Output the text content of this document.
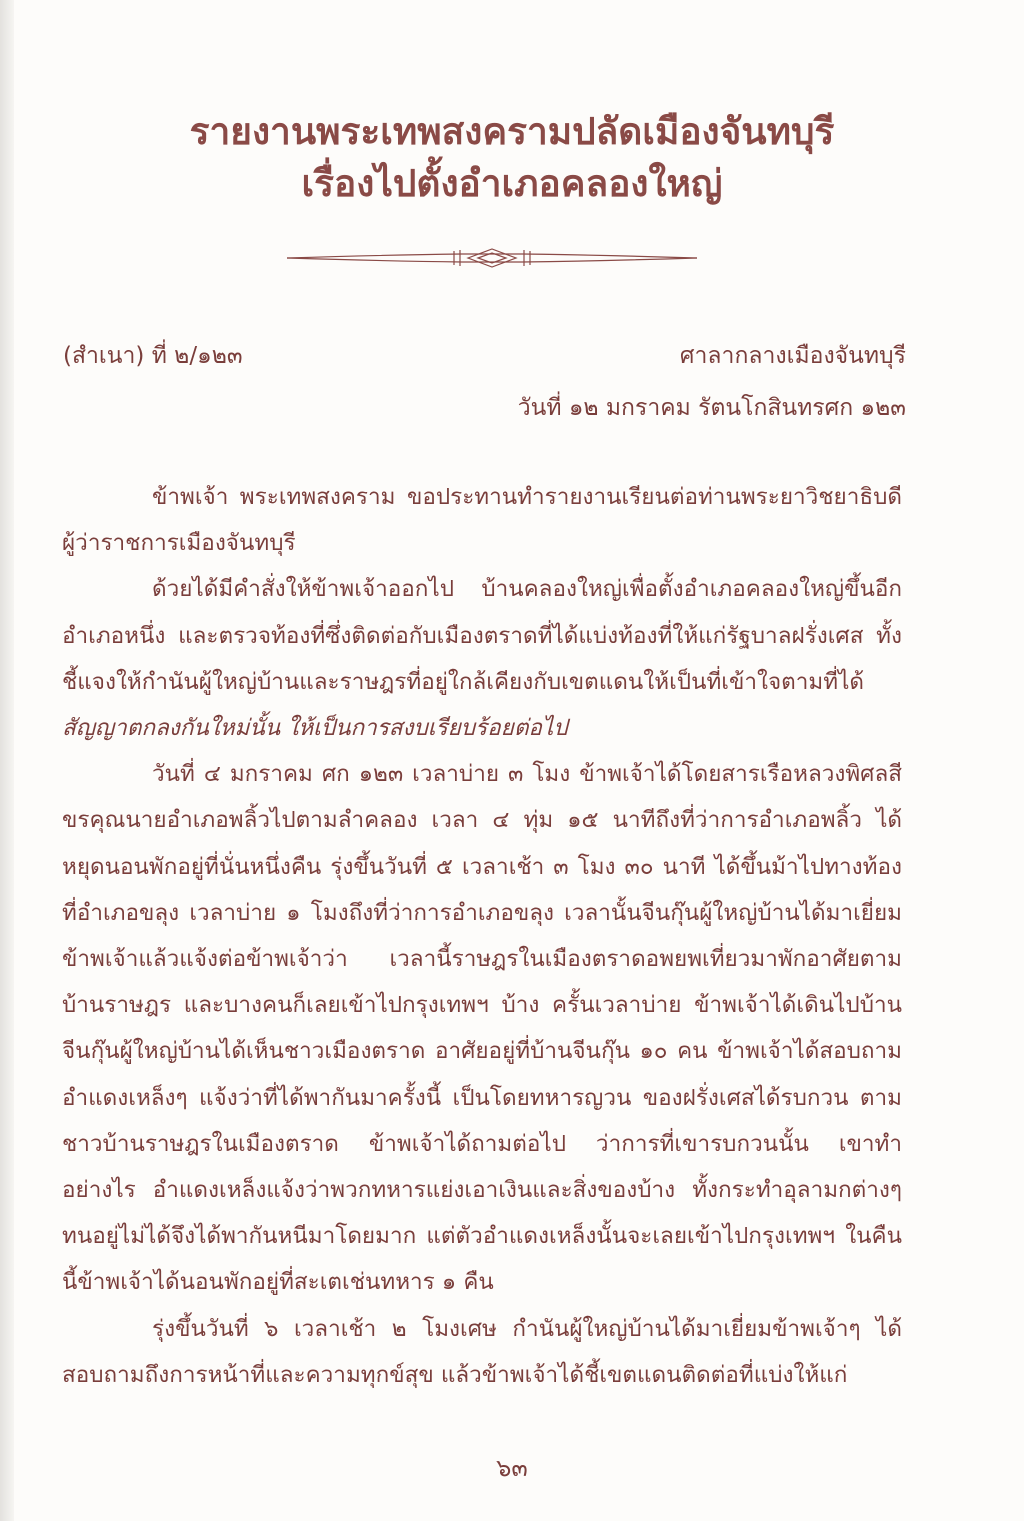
รายงานพระเทพสงครามปลัดเมืองจันทบุรี
เรื่องไปตั้งอำเภอคลองใหญ่
(สำเนา) ที่ ๒/๑๒๓	ศาลากลางเมืองจันทบุรี
วันที่ ๑๒ มกราคม รัตนโกสินทรศก ๑๒๓

ข้าพเจ้า พระเทพสงคราม ขอประทานทำรายงานเรียนต่อท่านพระยาวิชยาธิบดี ผู้ว่าราชการเมืองจันทบุรี

ด้วยได้มีคำสั่งให้ข้าพเจ้าออกไป บ้านคลองใหญ่เพื่อตั้งอำเภอคลองใหญ่ขึ้นอีกอำเภอหนึ่ง และตรวจท้องที่ซึ่งติดต่อกับเมืองตราดที่ได้แบ่งท้องที่ให้แก่รัฐบาลฝรั่งเศส ทั้งชี้แจงให้กำนันผู้ใหญ่บ้านและราษฎรที่อยู่ใกล้เคียงกับเขตแดนให้เป็นที่เข้าใจตามที่ได้สัญญาตกลงกันใหม่นั้น ให้เป็นการสงบเรียบร้อยต่อไป

วันที่ ๔ มกราคม ศก ๑๒๓ เวลาบ่าย ๓ โมง ข้าพเจ้าได้โดยสารเรือหลวงพิศลสีขรคุณนายอำเภอพลิ้วไปตามลำคลอง เวลา ๔ ทุ่ม ๑๕ นาทีถึงที่ว่าการอำเภอพลิ้ว ได้หยุดนอนพักอยู่ที่นั่นหนึ่งคืน รุ่งขึ้นวันที่ ๕ เวลาเช้า ๓ โมง ๓๐ นาที ได้ขึ้นม้าไปทางท้องที่อำเภอขลุง เวลาบ่าย ๑ โมงถึงที่ว่าการอำเภอขลุง เวลานั้นจีนกุ๊นผู้ใหญ่บ้านได้มาเยี่ยมข้าพเจ้าแล้วแจ้งต่อข้าพเจ้าว่า เวลานี้ราษฎรในเมืองตราดอพยพเที่ยวมาพักอาศัยตามบ้านราษฎร และบางคนก็เลยเข้าไปกรุงเทพฯ บ้าง ครั้นเวลาบ่าย ข้าพเจ้าได้เดินไปบ้านจีนกุ๊นผู้ใหญ่บ้านได้เห็นชาวเมืองตราด อาศัยอยู่ที่บ้านจีนกุ๊น ๑๐ คน ข้าพเจ้าได้สอบถามอำแดงเหล็งๆ แจ้งว่าที่ได้พากันมาครั้งนี้ เป็นโดยทหารญวน ของฝรั่งเศสได้รบกวน ตามชาวบ้านราษฎรในเมืองตราด ข้าพเจ้าได้ถามต่อไป ว่าการที่เขารบกวนนั้น เขาทำอย่างไร อำแดงเหล็งแจ้งว่าพวกทหารแย่งเอาเงินและสิ่งของบ้าง ทั้งกระทำอุลามกต่างๆ ทนอยู่ไม่ได้จึงได้พากันหนีมาโดยมาก แต่ตัวอำแดงเหล็งนั้นจะเลยเข้าไปกรุงเทพฯ ในคืนนี้ข้าพเจ้าได้นอนพักอยู่ที่สะเตเช่นทหาร ๑ คืน

รุ่งขึ้นวันที่ ๖ เวลาเช้า ๒ โมงเศษ กำนันผู้ใหญ่บ้านได้มาเยี่ยมข้าพเจ้าๆ ได้สอบถามถึงการหน้าที่และความทุกข์สุข แล้วข้าพเจ้าได้ชี้เขตแดนติดต่อที่แบ่งให้แก่

๖๓
